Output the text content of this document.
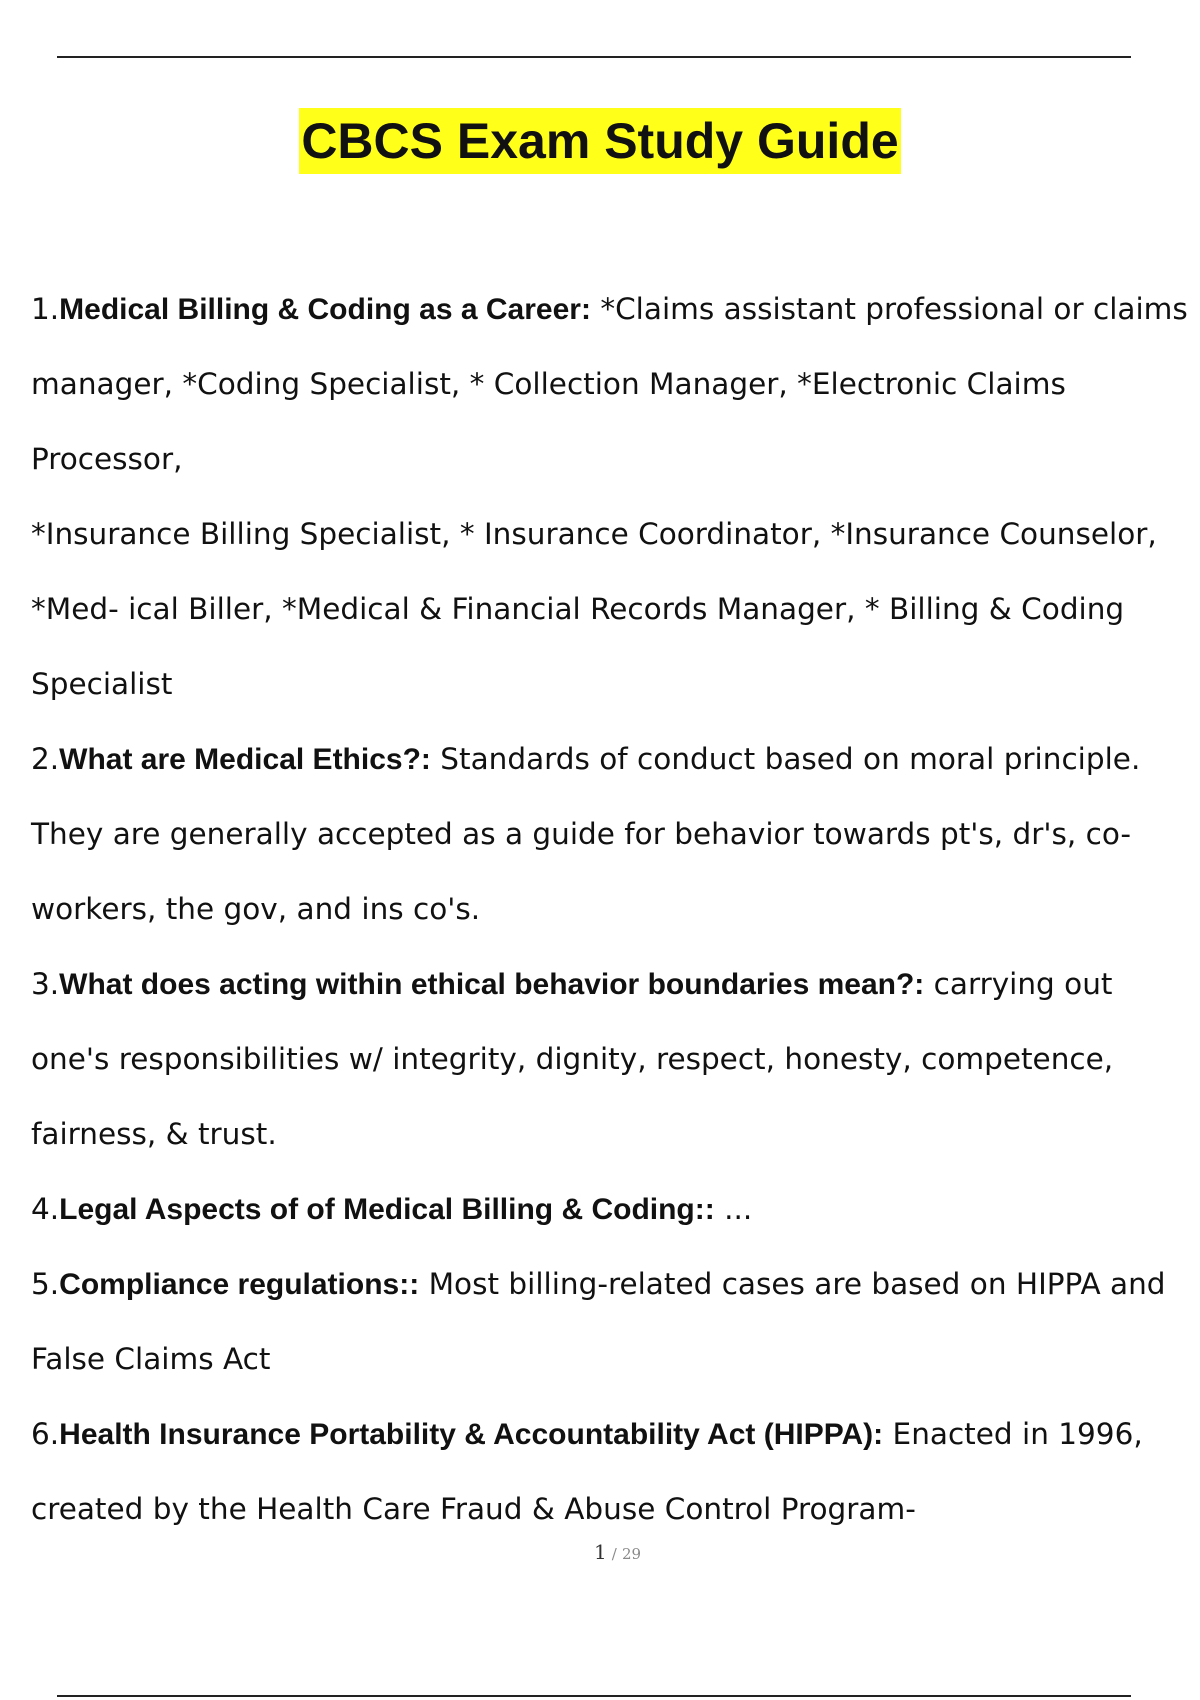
CBCS Exam Study Guide

1.Medical Billing & Coding as a Career: *Claims assistant professional or claims manager, *Coding Specialist, * Collection Manager, *Electronic Claims Processor,

*Insurance Billing Specialist, * Insurance Coordinator, *Insurance Counselor, *Med- ical Biller, *Medical & Financial Records Manager, * Billing & Coding Specialist

2.What are Medical Ethics?: Standards of conduct based on moral principle. They are generally accepted as a guide for behavior towards pt's, dr's, co-workers, the gov, and ins co's.

3.What does acting within ethical behavior boundaries mean?: carrying out one's responsibilities w/ integrity, dignity, respect, honesty, competence, fairness, & trust.

4.Legal Aspects of of Medical Billing & Coding:: ...

5.Compliance regulations:: Most billing-related cases are based on HIPPA and False Claims Act

6.Health Insurance Portability & Accountability Act (HIPPA): Enacted in 1996, created by the Health Care Fraud & Abuse Control Program-

1 / 29
